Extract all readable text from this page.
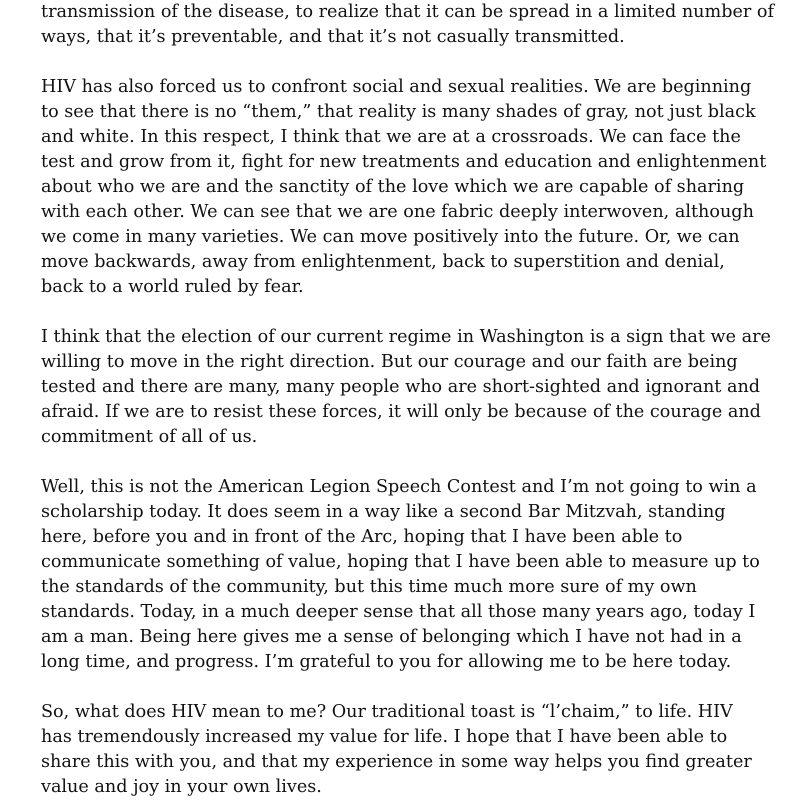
transmission of the disease, to realize that it can be spread in a limited number of
ways, that it’s preventable, and that it’s not casually transmitted.
HIV has also forced us to confront social and sexual realities. We are beginning
to see that there is no “them,” that reality is many shades of gray, not just black
and white. In this respect, I think that we are at a crossroads. We can face the
test and grow from it, fight for new treatments and education and enlightenment
about who we are and the sanctity of the love which we are capable of sharing
with each other. We can see that we are one fabric deeply interwoven, although
we come in many varieties. We can move positively into the future. Or, we can
move backwards, away from enlightenment, back to superstition and denial,
back to a world ruled by fear.
I think that the election of our current regime in Washington is a sign that we are
willing to move in the right direction. But our courage and our faith are being
tested and there are many, many people who are short-sighted and ignorant and
afraid. If we are to resist these forces, it will only be because of the courage and
commitment of all of us.
Well, this is not the American Legion Speech Contest and I’m not going to win a
scholarship today. It does seem in a way like a second Bar Mitzvah, standing
here, before you and in front of the Arc, hoping that I have been able to
communicate something of value, hoping that I have been able to measure up to
the standards of the community, but this time much more sure of my own
standards. Today, in a much deeper sense that all those many years ago, today I
am a man. Being here gives me a sense of belonging which I have not had in a
long time, and progress. I’m grateful to you for allowing me to be here today.
So, what does HIV mean to me? Our traditional toast is “l’chaim,” to life. HIV
has tremendously increased my value for life. I hope that I have been able to
share this with you, and that my experience in some way helps you find greater
value and joy in your own lives.
